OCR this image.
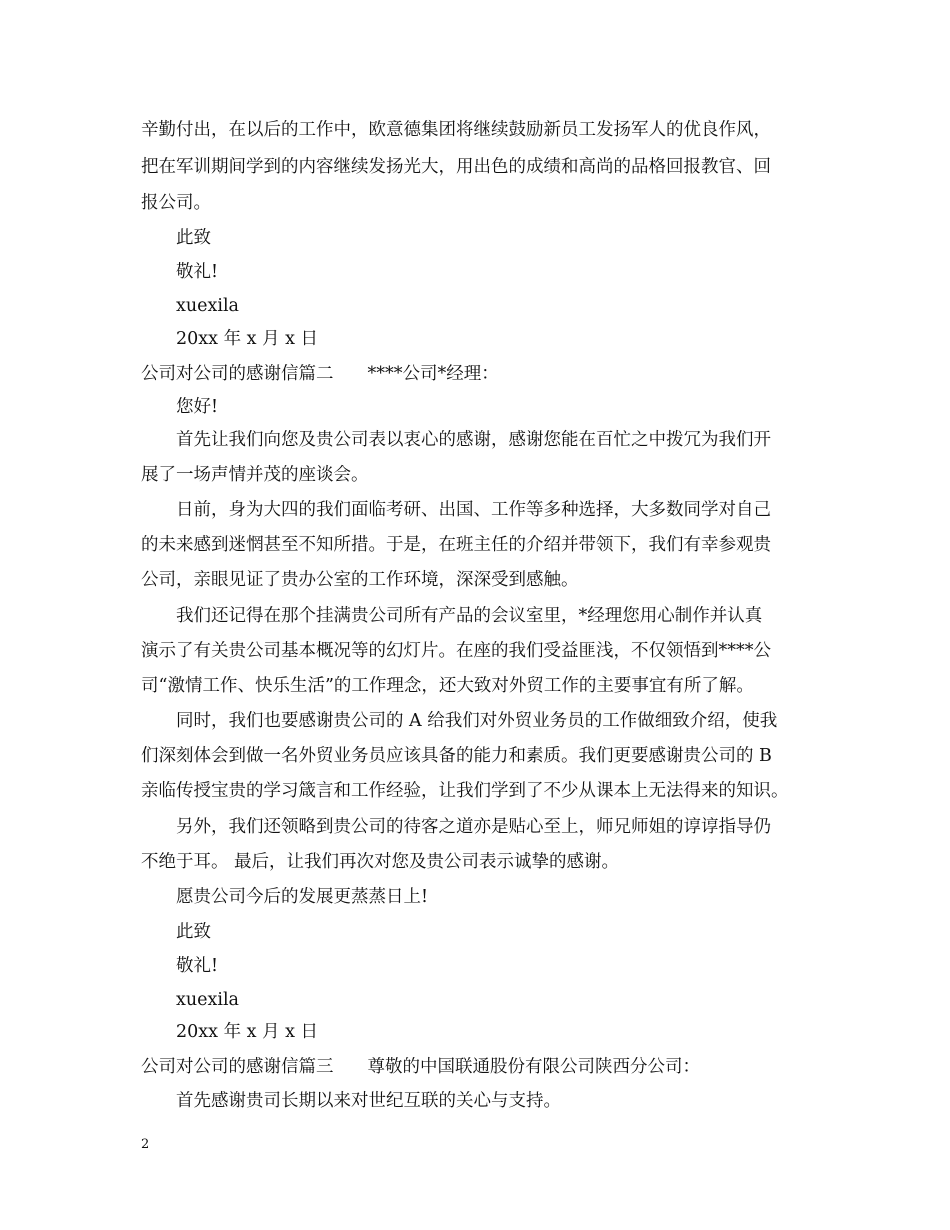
辛勤付出，在以后的工作中，欧意德集团将继续鼓励新员工发扬军人的优良作风，
把在军训期间学到的内容继续发扬光大，用出色的成绩和高尚的品格回报教官、回
报公司。
此致
敬礼!
xuexila
20xx 年 x 月 x 日
公司对公司的感谢信篇二 ****公司*经理：
您好!
首先让我们向您及贵公司表以衷心的感谢，感谢您能在百忙之中拨冗为我们开
展了一场声情并茂的座谈会。
日前，身为大四的我们面临考研、出国、工作等多种选择，大多数同学对自己
的未来感到迷惘甚至不知所措。于是，在班主任的介绍并带领下，我们有幸参观贵
公司，亲眼见证了贵办公室的工作环境，深深受到感触。
我们还记得在那个挂满贵公司所有产品的会议室里，*经理您用心制作并认真
演示了有关贵公司基本概况等的幻灯片。在座的我们受益匪浅，不仅领悟到****公
司“激情工作、快乐生活”的工作理念，还大致对外贸工作的主要事宜有所了解。
同时，我们也要感谢贵公司的 A 给我们对外贸业务员的工作做细致介绍，使我
们深刻体会到做一名外贸业务员应该具备的能力和素质。我们更要感谢贵公司的 B
亲临传授宝贵的学习箴言和工作经验，让我们学到了不少从课本上无法得来的知识。
另外，我们还领略到贵公司的待客之道亦是贴心至上，师兄师姐的谆谆指导仍
不绝于耳。 最后，让我们再次对您及贵公司表示诚挚的感谢。
愿贵公司今后的发展更蒸蒸日上!
此致
敬礼!
xuexila
20xx 年 x 月 x 日
公司对公司的感谢信篇三 尊敬的中国联通股份有限公司陕西分公司：
首先感谢贵司长期以来对世纪互联的关心与支持。
2
